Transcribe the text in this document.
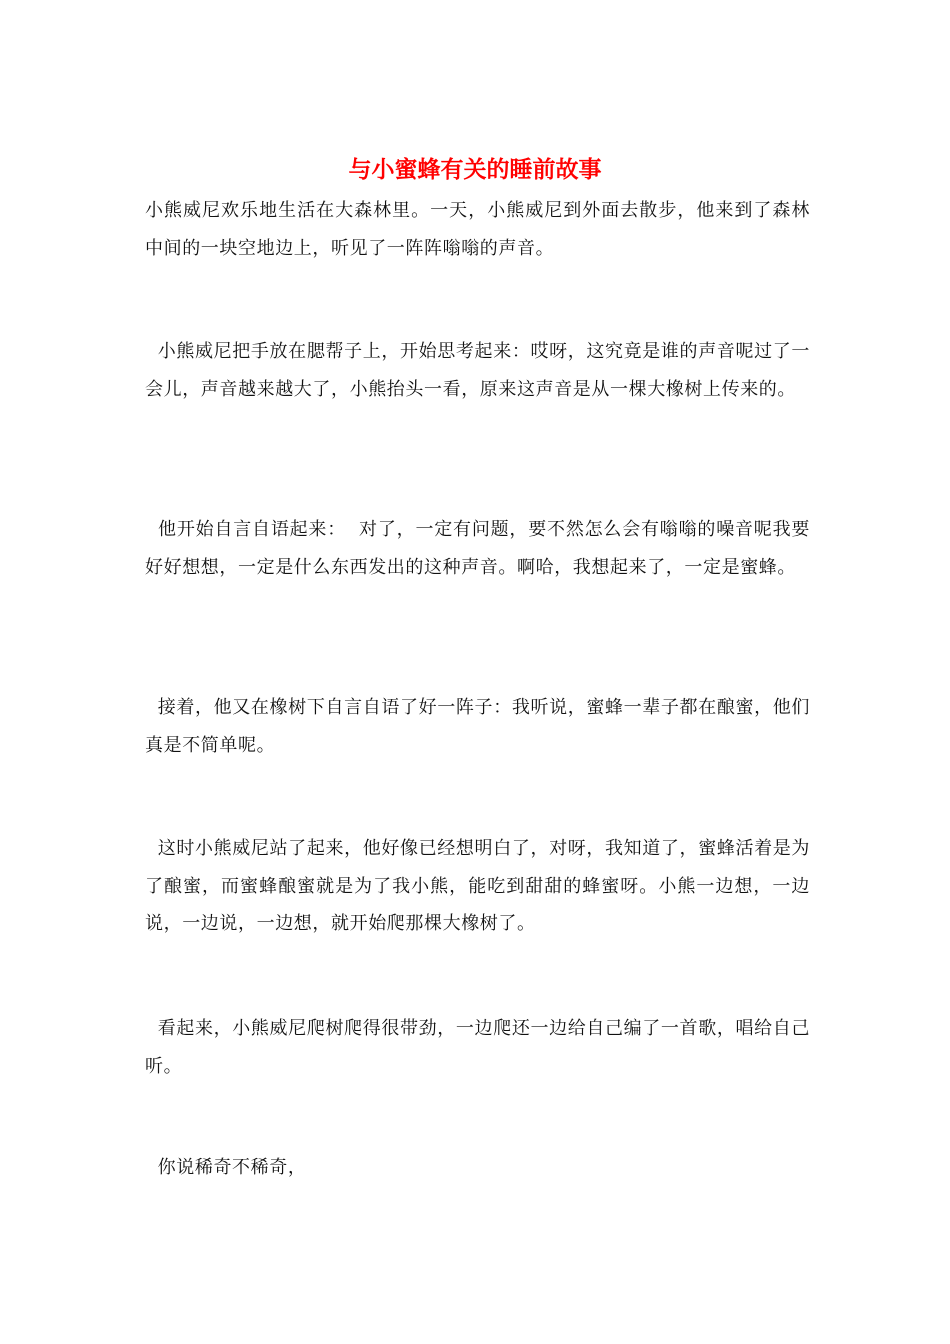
与小蜜蜂有关的睡前故事

小熊威尼欢乐地生活在大森林里。一天，小熊威尼到外面去散步，他来到了森林中间的一块空地边上，听见了一阵阵嗡嗡的声音。

小熊威尼把手放在腮帮子上，开始思考起来：哎呀，这究竟是谁的声音呢过了一会儿，声音越来越大了，小熊抬头一看，原来这声音是从一棵大橡树上传来的。

他开始自言自语起来：  对了，一定有问题，要不然怎么会有嗡嗡的噪音呢我要好好想想，一定是什么东西发出的这种声音。啊哈，我想起来了，一定是蜜蜂。

接着，他又在橡树下自言自语了好一阵子：我听说，蜜蜂一辈子都在酿蜜，他们真是不简单呢。

这时小熊威尼站了起来，他好像已经想明白了，对呀，我知道了，蜜蜂活着是为了酿蜜，而蜜蜂酿蜜就是为了我小熊，能吃到甜甜的蜂蜜呀。小熊一边想，一边说，一边说，一边想，就开始爬那棵大橡树了。

看起来，小熊威尼爬树爬得很带劲，一边爬还一边给自己编了一首歌，唱给自己听。

你说稀奇不稀奇，
